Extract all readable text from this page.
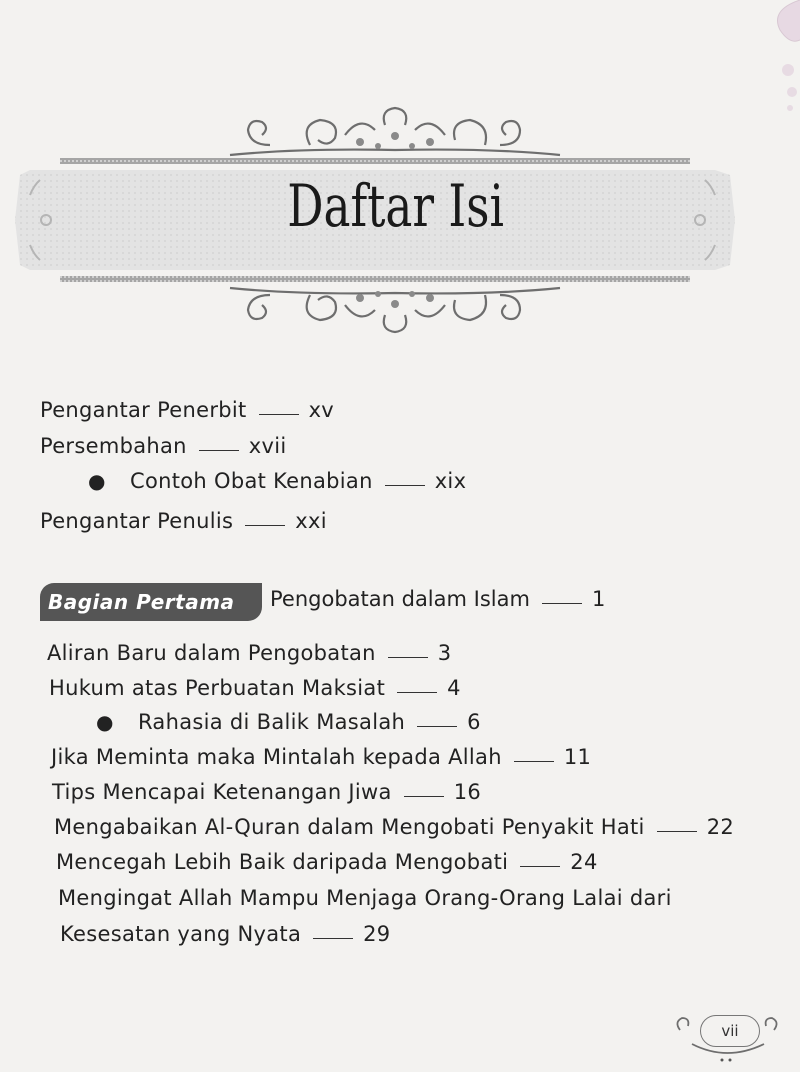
Daftar Isi
Pengantar Penerbit	xv
Persembahan	xvii
● Contoh Obat Kenabian	xix
Pengantar Penulis	xxi
Bagian Pertama	Pengobatan dalam Islam	1
Aliran Baru dalam Pengobatan	3
Hukum atas Perbuatan Maksiat	4
● Rahasia di Balik Masalah	6
Jika Meminta maka Mintalah kepada Allah	11
Tips Mencapai Ketenangan Jiwa	16
Mengabaikan Al-Quran dalam Mengobati Penyakit Hati	22
Mencegah Lebih Baik daripada Mengobati	24
Mengingat Allah Mampu Menjaga Orang-Orang Lalai dari
Kesesatan yang Nyata	29
vii
